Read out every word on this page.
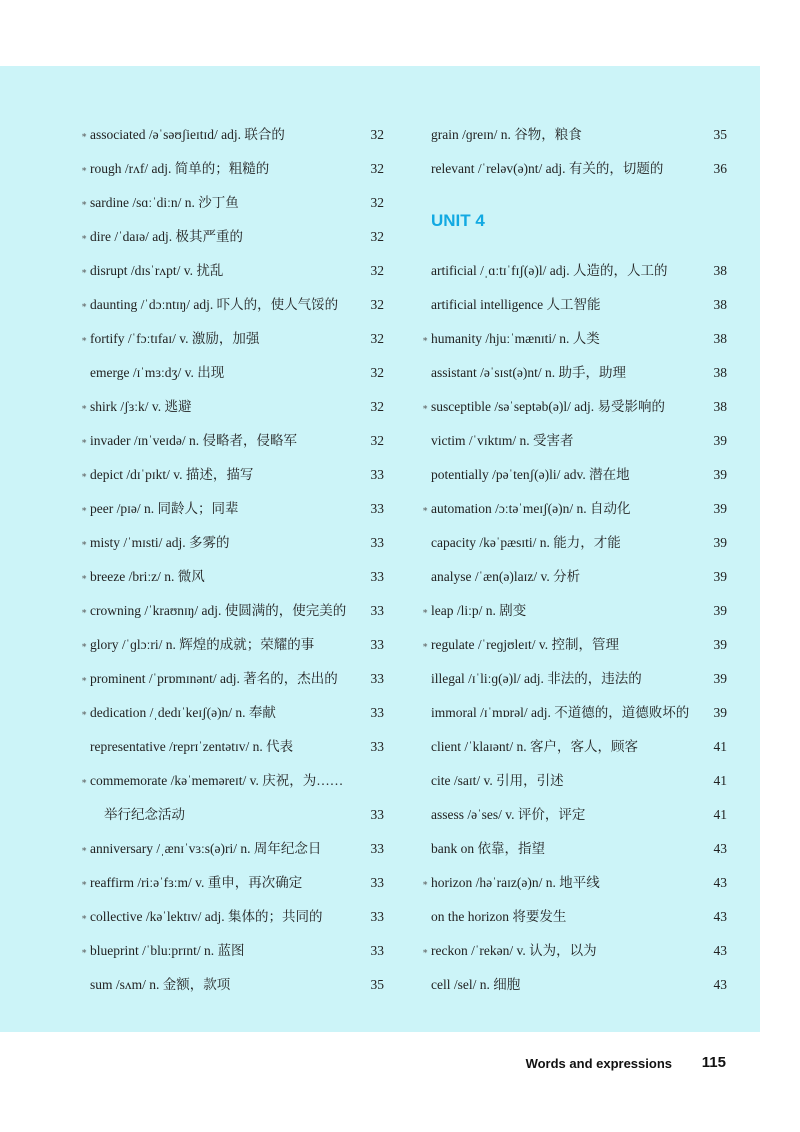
∗ associated /əˈsəʊʃieɪtɪd/ adj. 联合的	32
∗ rough /rʌf/ adj. 简单的；粗糙的	32
∗ sardine /sɑːˈdiːn/ n. 沙丁鱼	32
∗ dire /ˈdaɪə/ adj. 极其严重的	32
∗ disrupt /dɪsˈrʌpt/ v. 扰乱	32
∗ daunting /ˈdɔːntɪŋ/ adj. 吓人的，使人气馁的	32
∗ fortify /ˈfɔːtɪfaɪ/ v. 激励，加强	32
emerge /ɪˈmɜːdʒ/ v. 出现	32
∗ shirk /ʃɜːk/ v. 逃避	32
∗ invader /ɪnˈveɪdə/ n. 侵略者，侵略军	32
∗ depict /dɪˈpɪkt/ v. 描述，描写	33
∗ peer /pɪə/ n. 同龄人；同辈	33
∗ misty /ˈmɪsti/ adj. 多雾的	33
∗ breeze /briːz/ n. 微风	33
∗ crowning /ˈkraʊnɪŋ/ adj. 使圆满的，使完美的	33
∗ glory /ˈɡlɔːri/ n. 辉煌的成就；荣耀的事	33
∗ prominent /ˈprɒmɪnənt/ adj. 著名的，杰出的	33
∗ dedication /ˌdedɪˈkeɪʃ(ə)n/ n. 奉献	33
representative /reprɪˈzentətɪv/ n. 代表	33
∗ commemorate /kəˈmeməreɪt/ v. 庆祝，为……
举行纪念活动	33
∗ anniversary /ˌænɪˈvɜːs(ə)ri/ n. 周年纪念日	33
∗ reaffirm /riːəˈfɜːm/ v. 重申，再次确定	33
∗ collective /kəˈlektɪv/ adj. 集体的；共同的	33
∗ blueprint /ˈbluːprɪnt/ n. 蓝图	33
sum /sʌm/ n. 金额，款项	35
grain /ɡreɪn/ n. 谷物，粮食	35
relevant /ˈreləv(ə)nt/ adj. 有关的，切题的	36
UNIT 4
artificial /ˌɑːtɪˈfɪʃ(ə)l/ adj. 人造的，人工的	38
artificial intelligence 人工智能	38
∗ humanity /hjuːˈmænɪti/ n. 人类	38
assistant /əˈsɪst(ə)nt/ n. 助手，助理	38
∗ susceptible /səˈseptəb(ə)l/ adj. 易受影响的	38
victim /ˈvɪktɪm/ n. 受害者	39
potentially /pəˈtenʃ(ə)li/ adv. 潜在地	39
∗ automation /ɔːtəˈmeɪʃ(ə)n/ n. 自动化	39
capacity /kəˈpæsɪti/ n. 能力，才能	39
analyse /ˈæn(ə)laɪz/ v. 分析	39
∗ leap /liːp/ n. 剧变	39
∗ regulate /ˈreɡjʊleɪt/ v. 控制，管理	39
illegal /ɪˈliːɡ(ə)l/ adj. 非法的，违法的	39
immoral /ɪˈmɒrəl/ adj. 不道德的，道德败坏的	39
client /ˈklaɪənt/ n. 客户，客人，顾客	41
cite /saɪt/ v. 引用，引述	41
assess /əˈses/ v. 评价，评定	41
bank on 依靠，指望	43
∗ horizon /həˈraɪz(ə)n/ n. 地平线	43
on the horizon 将要发生	43
∗ reckon /ˈrekən/ v. 认为，以为	43
cell /sel/ n. 细胞	43
Words and expressions 115
